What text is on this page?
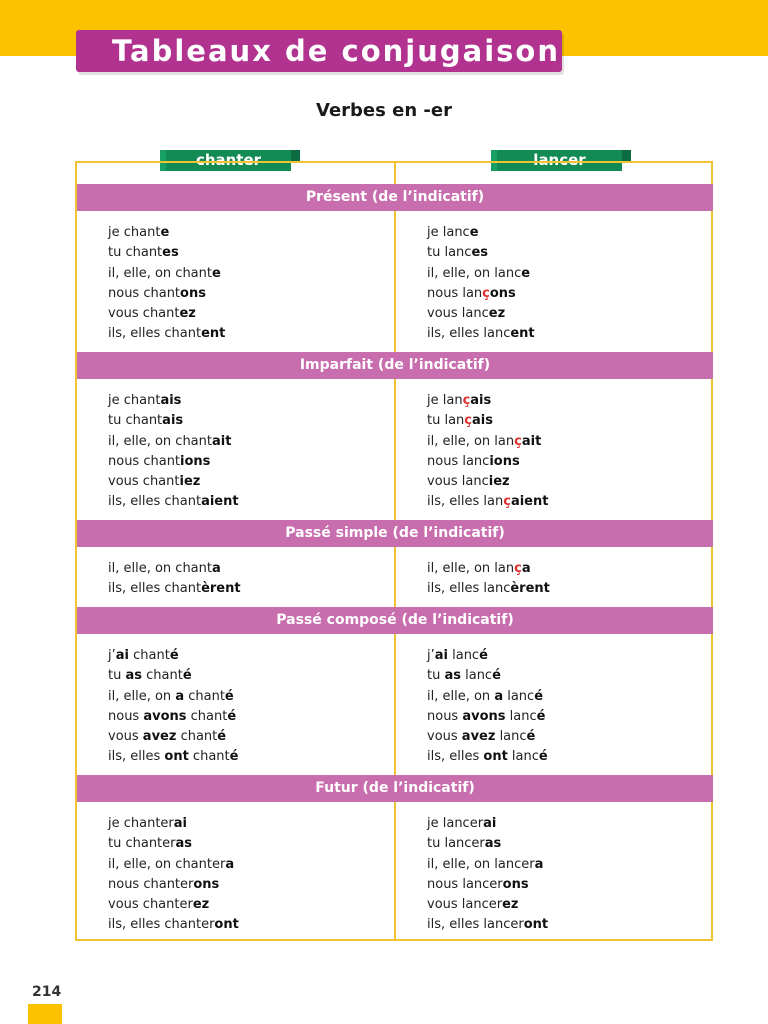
Tableaux de conjugaison
Verbes en -er
chanter	lancer
Présent (de l’indicatif)
je chante
tu chantes
il, elle, on chante
nous chantons
vous chantez
ils, elles chantent
je lance
tu lances
il, elle, on lance
nous lançons
vous lancez
ils, elles lancent
Imparfait (de l’indicatif)
je chantais
tu chantais
il, elle, on chantait
nous chantions
vous chantiez
ils, elles chantaient
je lançais
tu lançais
il, elle, on lançait
nous lancions
vous lanciez
ils, elles lançaient
Passé simple (de l’indicatif)
il, elle, on chanta
ils, elles chantèrent
il, elle, on lança
ils, elles lancèrent
Passé composé (de l’indicatif)
j’ai chanté
tu as chanté
il, elle, on a chanté
nous avons chanté
vous avez chanté
ils, elles ont chanté
j’ai lancé
tu as lancé
il, elle, on a lancé
nous avons lancé
vous avez lancé
ils, elles ont lancé
Futur (de l’indicatif)
je chanterai
tu chanteras
il, elle, on chantera
nous chanterons
vous chanterez
ils, elles chanteront
je lancerai
tu lanceras
il, elle, on lancera
nous lancerons
vous lancerez
ils, elles lanceront
214
